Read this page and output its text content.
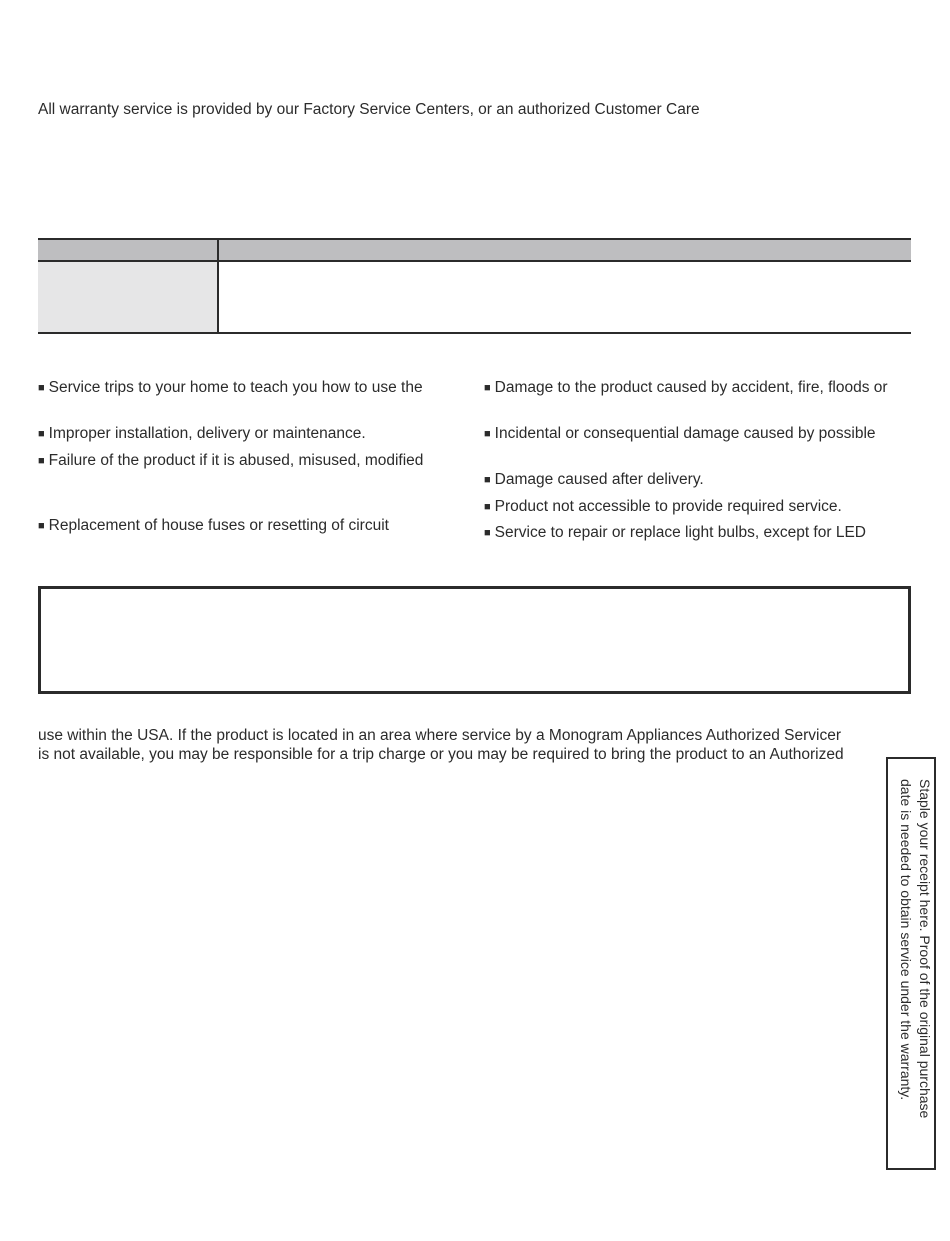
All warranty service is provided by our Factory Service Centers, or an authorized Customer Care
■ Service trips to your home to teach you how to use the
■ Improper installation, delivery or maintenance.
■ Failure of the product if it is abused, misused, modified
■ Replacement of house fuses or resetting of circuit
■ Damage to the product caused by accident, fire, floods or
■ Incidental or consequential damage caused by possible
■ Damage caused after delivery.
■ Product not accessible to provide required service.
■ Service to repair or replace light bulbs, except for LED
use within the USA. If the product is located in an area where service by a Monogram Appliances Authorized Servicer
is not available, you may be responsible for a trip charge or you may be required to bring the product to an Authorized
Staple your receipt here. Proof of the original purchase
date is needed to obtain service under the warranty.
